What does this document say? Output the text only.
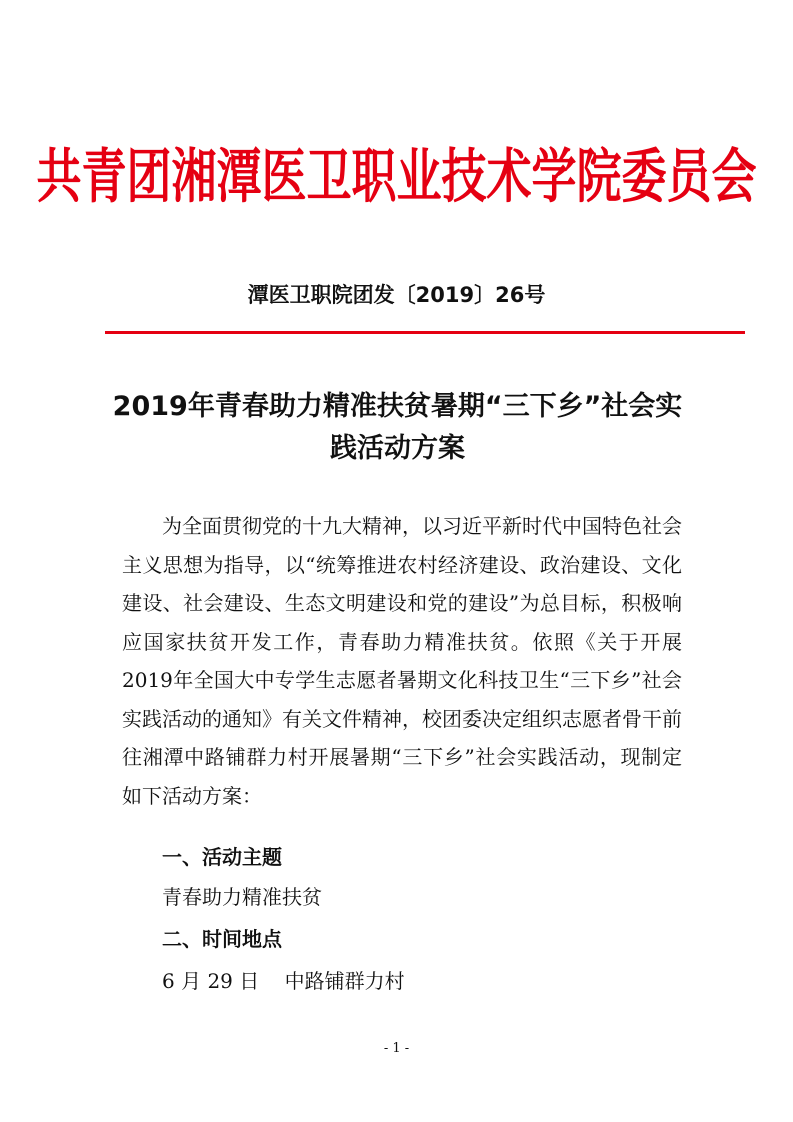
共青团湘潭医卫职业技术学院委员会
潭医卫职院团发〔2019〕26号
2019年青春助力精准扶贫暑期“三下乡”社会实践活动方案

为全面贯彻党的十九大精神，以习近平新时代中国特色社会主义思想为指导，以“统筹推进农村经济建设、政治建设、文化建设、社会建设、生态文明建设和党的建设”为总目标，积极响应国家扶贫开发工作，青春助力精准扶贫。依照《关于开展2019年全国大中专学生志愿者暑期文化科技卫生“三下乡”社会实践活动的通知》有关文件精神，校团委决定组织志愿者骨干前往湘潭中路铺群力村开展暑期“三下乡”社会实践活动，现制定如下活动方案：

一、活动主题
青春助力精准扶贫
二、时间地点
6 月 29 日    中路铺群力村
- 1 -
